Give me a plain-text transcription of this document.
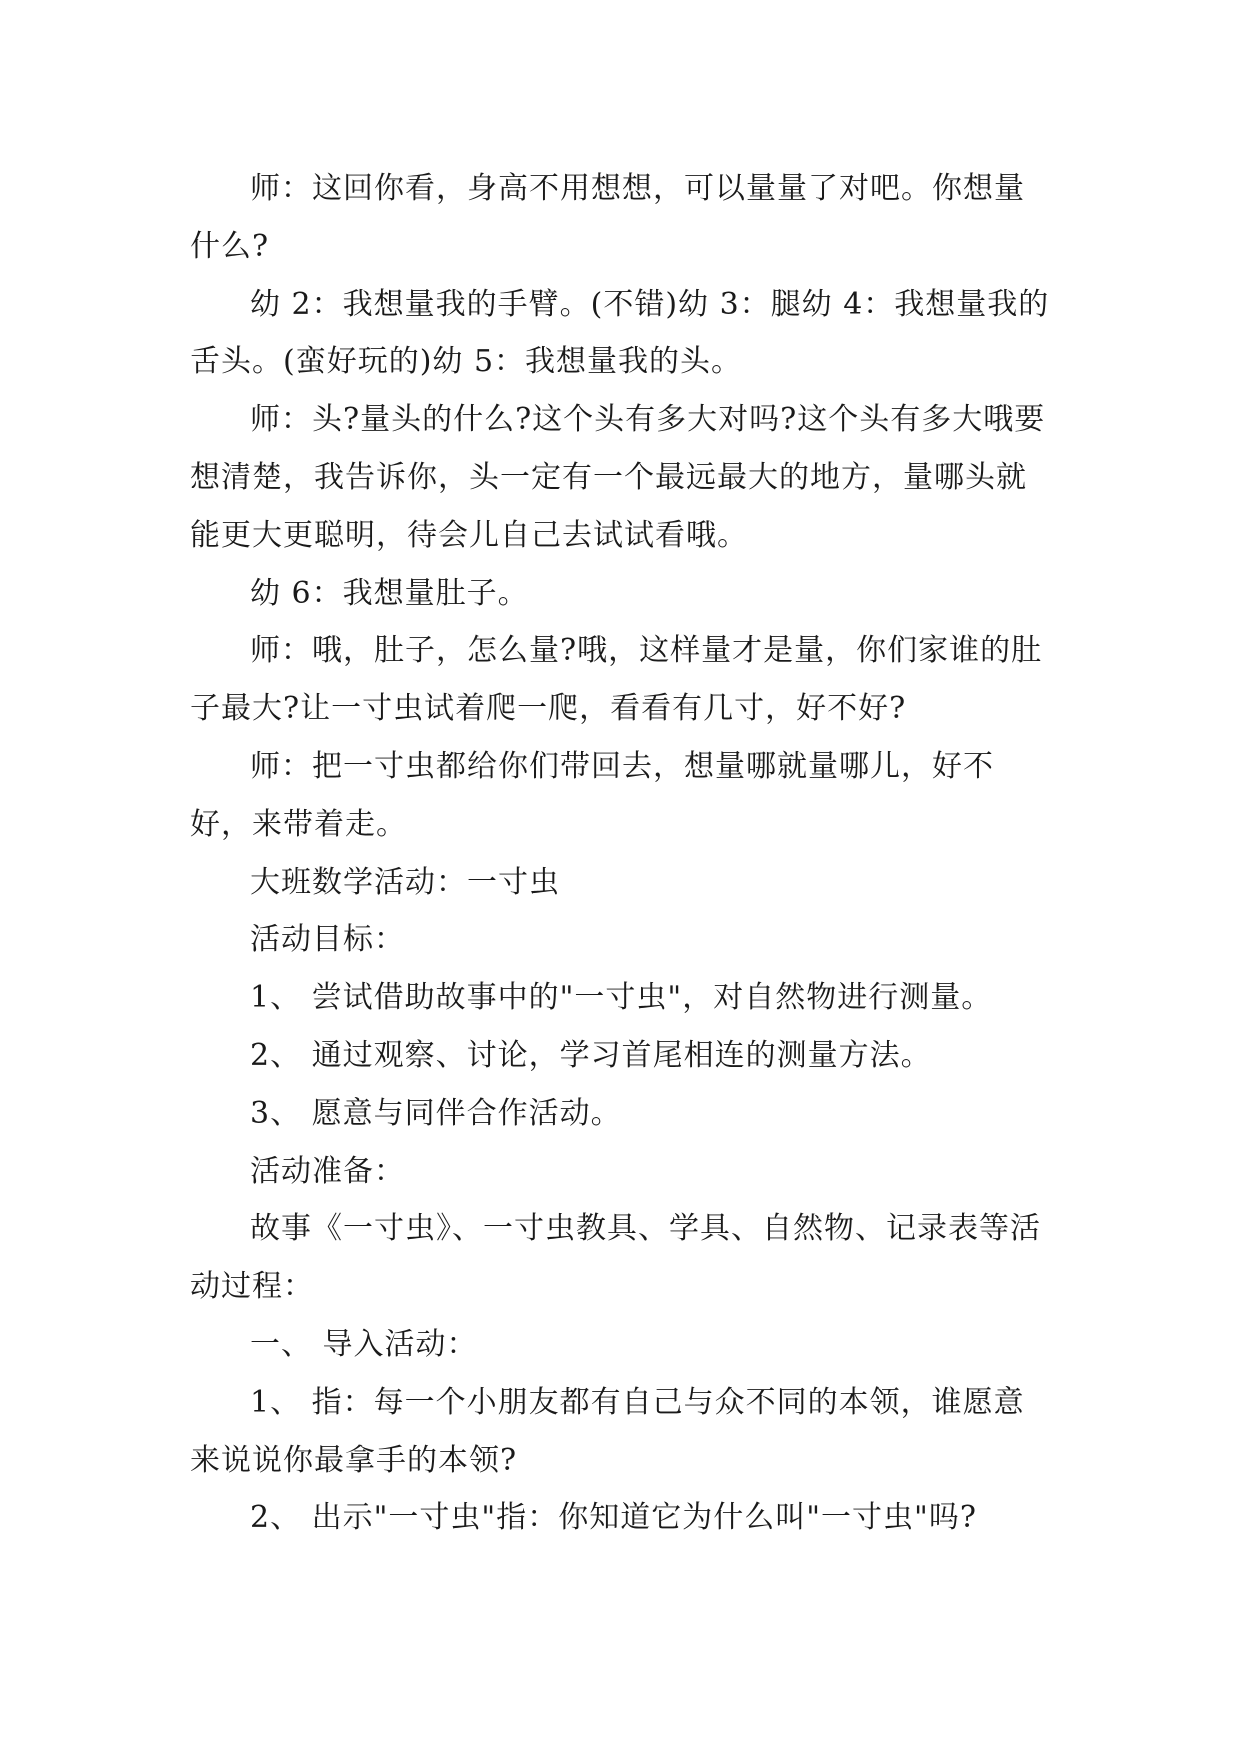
师：这回你看，身高不用想想，可以量量了对吧。你想量什么?

幼 2：我想量我的手臂。(不错)幼 3：腿幼 4：我想量我的舌头。(蛮好玩的)幼 5：我想量我的头。

师：头?量头的什么?这个头有多大对吗?这个头有多大哦要想清楚，我告诉你，头一定有一个最远最大的地方，量哪头就能更大更聪明，待会儿自己去试试看哦。

幼 6：我想量肚子。

师：哦，肚子，怎么量?哦，这样量才是量，你们家谁的肚子最大?让一寸虫试着爬一爬，看看有几寸，好不好?

师：把一寸虫都给你们带回去，想量哪就量哪儿，好不好，来带着走。

大班数学活动：一寸虫

活动目标：

1、 尝试借助故事中的"一寸虫"，对自然物进行测量。

2、 通过观察、讨论，学习首尾相连的测量方法。

3、 愿意与同伴合作活动。

活动准备：

故事《一寸虫》、一寸虫教具、学具、自然物、记录表等活动过程：

一、 导入活动：

1、 指：每一个小朋友都有自己与众不同的本领，谁愿意来说说你最拿手的本领?

2、 出示"一寸虫"指：你知道它为什么叫"一寸虫"吗?
